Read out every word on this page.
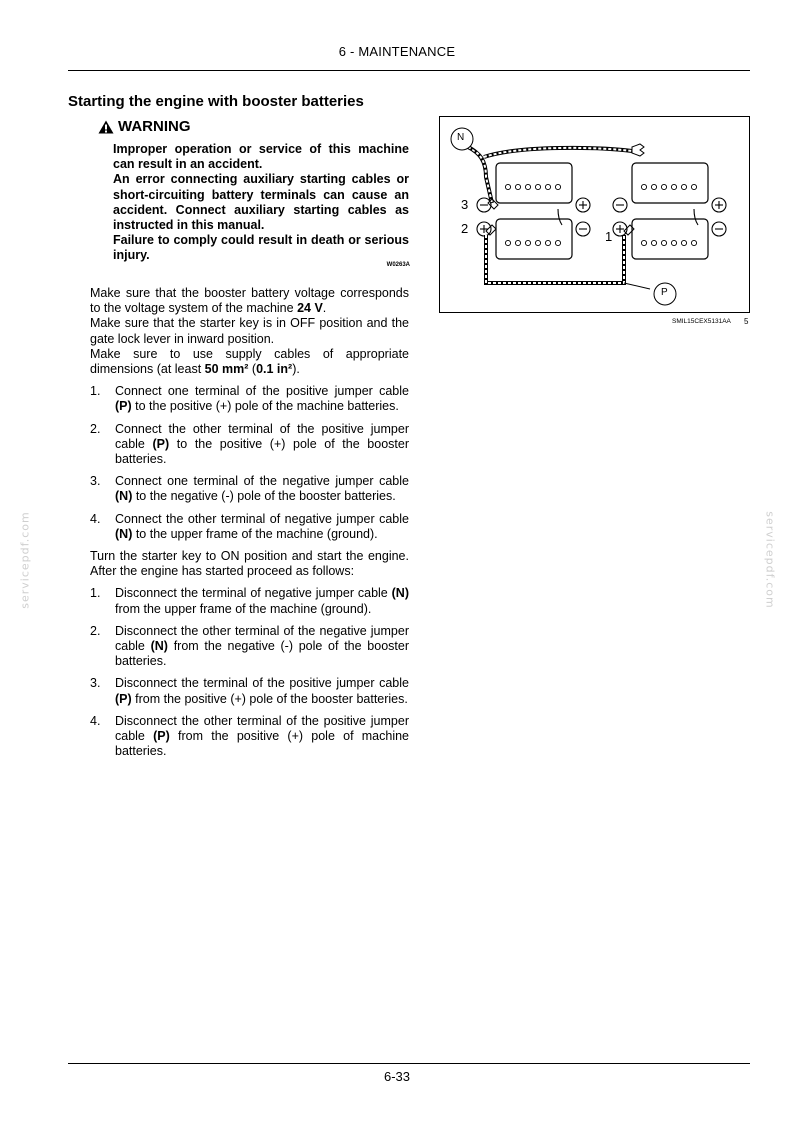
6 - MAINTENANCE
Starting the engine with booster batteries
WARNING

Improper operation or service of this machine can result in an accident.

An error connecting auxiliary starting cables or short-circuiting battery terminals can cause an accident. Connect auxiliary starting cables as instructed in this manual.

Failure to comply could result in death or serious injury.

W0263A

Make sure that the booster battery voltage corresponds to the voltage system of the machine 24 V.

Make sure that the starter key is in OFF position and the gate lock lever in inward position.

Make sure to use supply cables of appropriate dimensions (at least 50 mm² (0.1 in²).

1.	Connect one terminal of the positive jumper cable (P) to the positive (+) pole of the machine batteries.
2.	Connect the other terminal of the positive jumper cable (P) to the positive (+) pole of the booster batteries.
3.	Connect one terminal of the negative jumper cable (N) to the negative (-) pole of the booster batteries.
4.	Connect the other terminal of negative jumper cable (N) to the upper frame of the machine (ground).

Turn the starter key to ON position and start the engine. After the engine has started proceed as follows:

1.	Disconnect the terminal of negative jumper cable (N) from the upper frame of the machine (ground).
2.	Disconnect the other terminal of the negative jumper cable (N) from the negative (-) pole of the booster batteries.
3.	Disconnect the terminal of the positive jumper cable (P) from the positive (+) pole of the booster batteries.
4.	Disconnect the other terminal of the positive jumper cable (P) from the positive (+) pole of machine batteries.
N
P
3
2
1
SMIL15CEX5131AA 5
servicepdf.com	servicepdf.com
6-33
